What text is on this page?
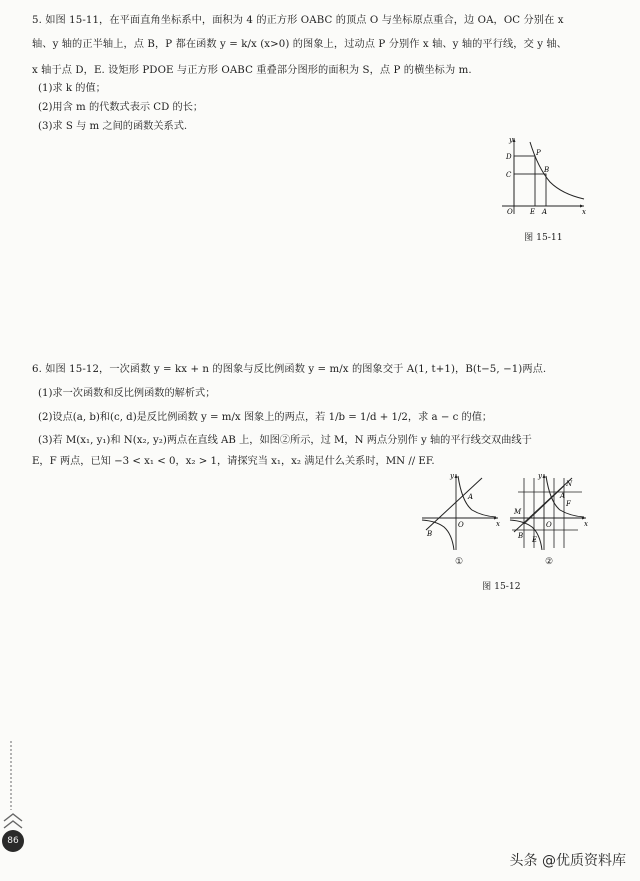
5. 如图 15-11，在平面直角坐标系中，面积为 4 的正方形 OABC 的顶点 O 与坐标原点重合，边 OA，OC 分别在 x
轴、y 轴的正半轴上，点 B，P 都在函数 y = k/x (x>0) 的图象上，过动点 P 分别作 x 轴、y 轴的平行线，交 y 轴、
x 轴于点 D，E. 设矩形 PDOE 与正方形 OABC 重叠部分图形的面积为 S，点 P 的横坐标为 m.
(1)求 k 的值；
(2)用含 m 的代数式表示 CD 的长；
(3)求 S 与 m 之间的函数关系式.
y
x
D
C
P
B
O E A
图 15-11
6. 如图 15-12，一次函数 y = kx + n 的图象与反比例函数 y = m/x 的图象交于 A(1, t+1)，B(t−5, −1)两点.
(1)求一次函数和反比例函数的解析式；
(2)设点(a, b)和(c, d)是反比例函数 y = m/x 图象上的两点，若 1/b = 1/d + 1/2，求 a − c 的值；
(3)若 M(x₁, y₁)和 N(x₂, y₂)两点在直线 AB 上，如图②所示，过 M，N 两点分别作 y 轴的平行线交双曲线于
E，F 两点，已知 −3 < x₁ < 0，x₂ > 1，请探究当 x₁，x₂ 满足什么关系时，MN // EF.
y
x
A
B
O
①
y
x
N
A
F
M
O
B E
②
图 15-12
86
头条 @优质资料库
